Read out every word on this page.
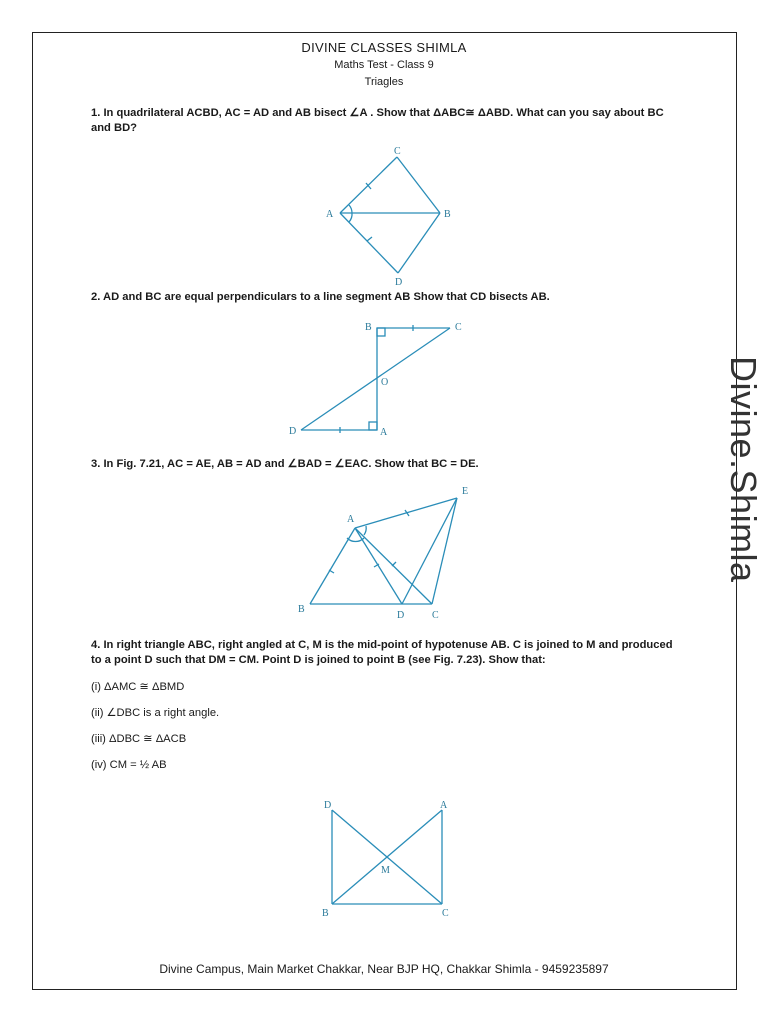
DIVINE CLASSES SHIMLA
Maths Test - Class 9
Triagles
1. In quadrilateral ACBD, AC = AD and AB bisect ∠A . Show that ΔABC≅ ΔABD. What can you say about BC and BD?
C
A	B
D
2. AD and BC are equal perpendiculars to a line segment AB Show that CD bisects AB.
B	C
O
D	A
3. In Fig. 7.21, AC = AE, AB = AD and ∠BAD = ∠EAC. Show that BC = DE.
E
A
B
D	C
4. In right triangle ABC, right angled at C, M is the mid-point of hypotenuse AB. C is joined to M and produced to a point D such that DM = CM. Point D is joined to point B (see Fig. 7.23). Show that:
(i) ΔAMC ≅ ΔBMD
(ii) ∠DBC is a right angle.
(iii) ΔDBC ≅ ΔACB
(iv) CM = ½ AB
D	A
M
B	C
Divine.Shimla
Divine Campus, Main Market Chakkar, Near BJP HQ, Chakkar Shimla - 9459235897
